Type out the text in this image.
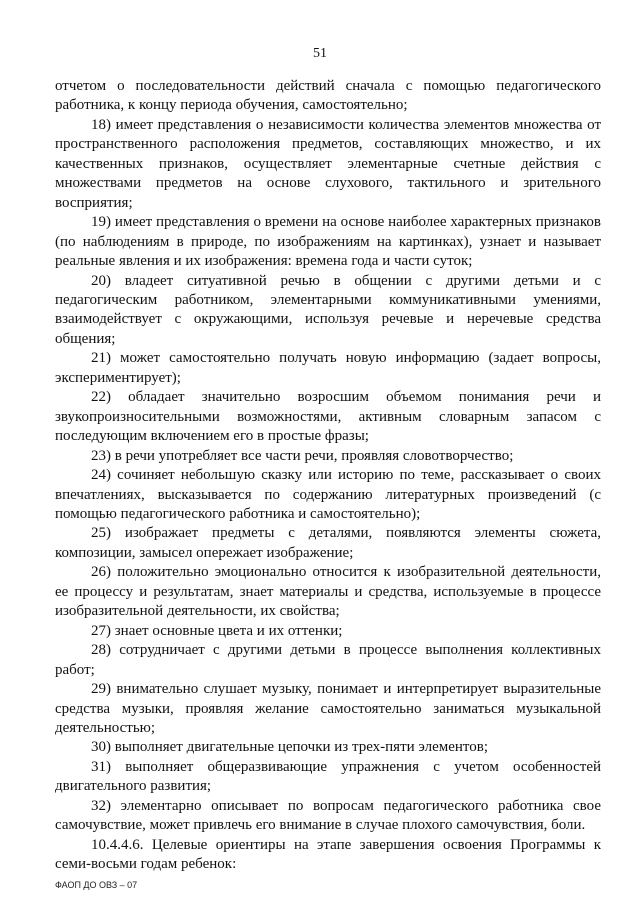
51

отчетом о последовательности действий сначала с помощью педагогического работника, к концу периода обучения, самостоятельно;

18) имеет представления о независимости количества элементов множества от пространственного расположения предметов, составляющих множество, и их качественных признаков, осуществляет элементарные счетные действия с множествами предметов на основе слухового, тактильного и зрительного восприятия;

19) имеет представления о времени на основе наиболее характерных признаков (по наблюдениям в природе, по изображениям на картинках), узнает и называет реальные явления и их изображения: времена года и части суток;

20) владеет ситуативной речью в общении с другими детьми и с педагогическим работником, элементарными коммуникативными умениями, взаимодействует с окружающими, используя речевые и неречевые средства общения;

21) может самостоятельно получать новую информацию (задает вопросы, экспериментирует);

22) обладает значительно возросшим объемом понимания речи и звукопроизносительными возможностями, активным словарным запасом с последующим включением его в простые фразы;

23) в речи употребляет все части речи, проявляя словотворчество;

24) сочиняет небольшую сказку или историю по теме, рассказывает о своих впечатлениях, высказывается по содержанию литературных произведений (с помощью педагогического работника и самостоятельно);

25) изображает предметы с деталями, появляются элементы сюжета, композиции, замысел опережает изображение;

26) положительно эмоционально относится к изобразительной деятельности, ее процессу и результатам, знает материалы и средства, используемые в процессе изобразительной деятельности, их свойства;

27) знает основные цвета и их оттенки;

28) сотрудничает с другими детьми в процессе выполнения коллективных работ;

29) внимательно слушает музыку, понимает и интерпретирует выразительные средства музыки, проявляя желание самостоятельно заниматься музыкальной деятельностью;

30) выполняет двигательные цепочки из трех-пяти элементов;

31) выполняет общеразвивающие упражнения с учетом особенностей двигательного развития;

32) элементарно описывает по вопросам педагогического работника свое самочувствие, может привлечь его внимание в случае плохого самочувствия, боли.

10.4.4.6. Целевые ориентиры на этапе завершения освоения Программы к семи-восьми годам ребенок:

ФАОП ДО ОВЗ – 07
